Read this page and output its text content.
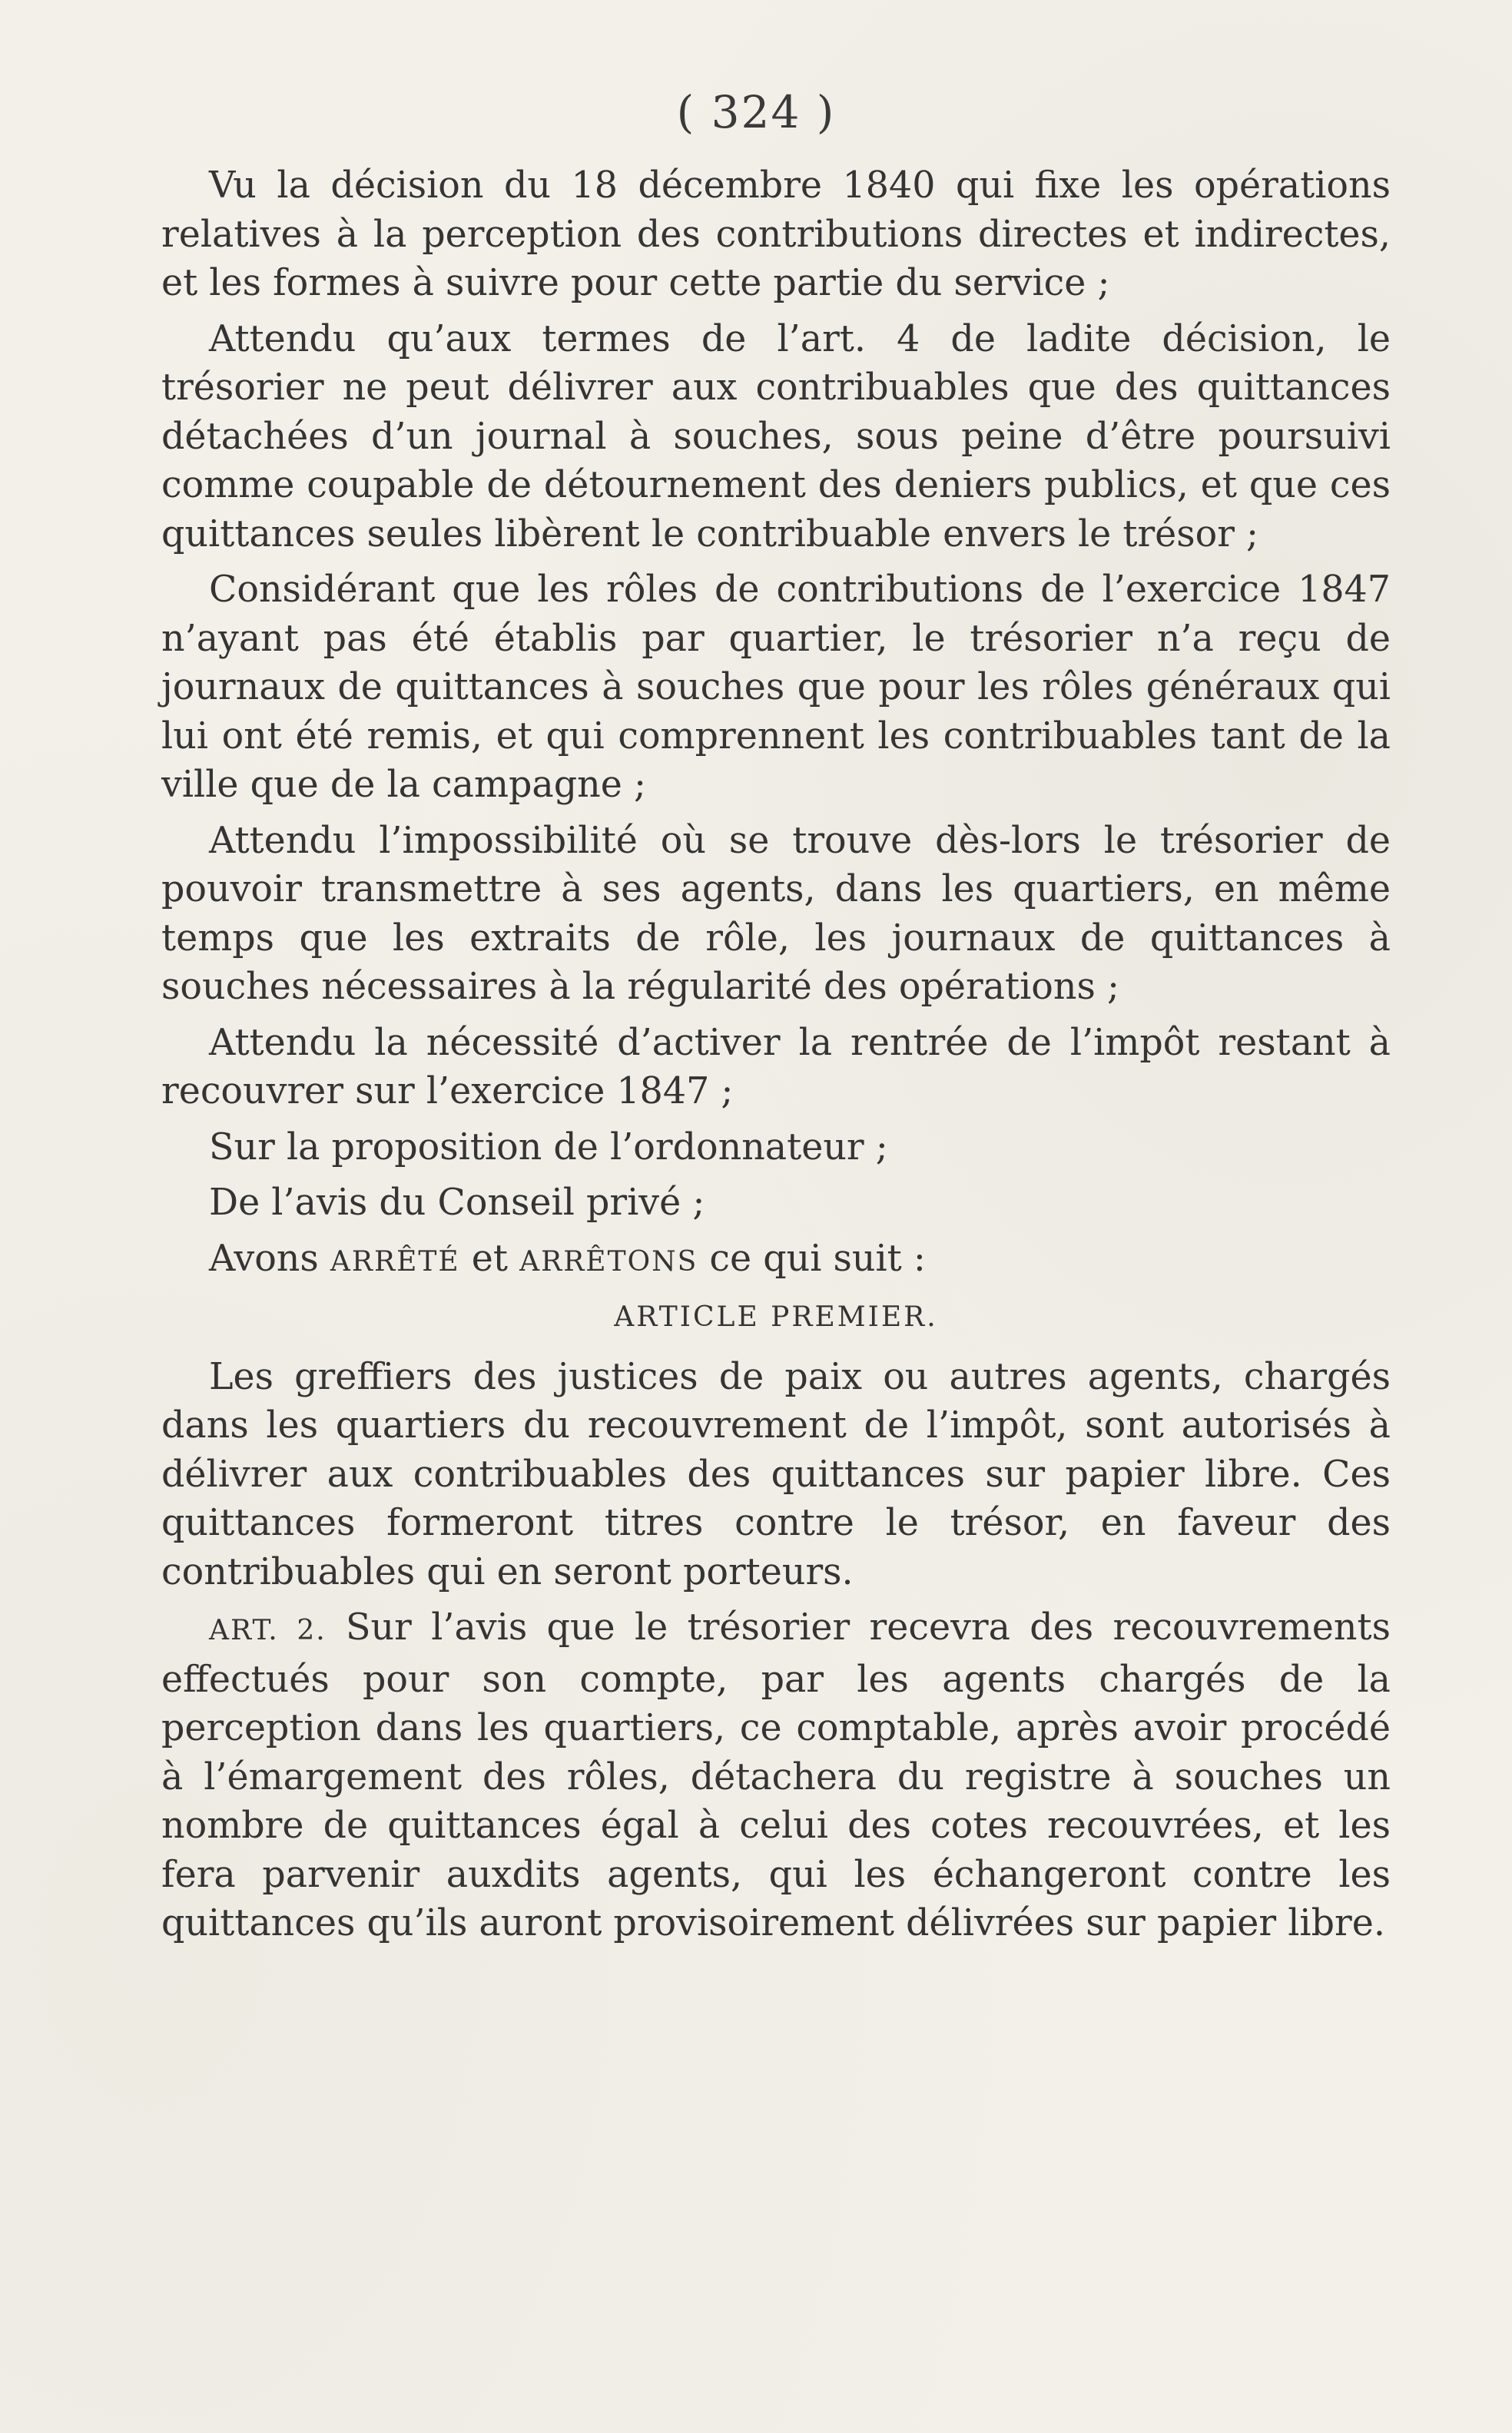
( 324 )

Vu la décision du 18 décembre 1840 qui fixe les opérations relatives à la perception des contributions directes et indirectes, et les formes à suivre pour cette partie du service ;

Attendu qu’aux termes de l’art. 4 de ladite décision, le trésorier ne peut délivrer aux contribuables que des quittances détachées d’un journal à souches, sous peine d’être poursuivi comme coupable de détournement des deniers publics, et que ces quittances seules libèrent le contribuable envers le trésor ;

Considérant que les rôles de contributions de l’exercice 1847 n’ayant pas été établis par quartier, le trésorier n’a reçu de journaux de quittances à souches que pour les rôles généraux qui lui ont été remis, et qui comprennent les contribuables tant de la ville que de la campagne ;

Attendu l’impossibilité où se trouve dès-lors le trésorier de pouvoir transmettre à ses agents, dans les quartiers, en même temps que les extraits de rôle, les journaux de quittances à souches nécessaires à la régularité des opérations ;

Attendu la nécessité d’activer la rentrée de l’impôt restant à recouvrer sur l’exercice 1847 ;

Sur la proposition de l’ordonnateur ;

De l’avis du Conseil privé ;

Avons ARRÊTÉ et ARRÊTONS ce qui suit :

ARTICLE PREMIER.

Les greffiers des justices de paix ou autres agents, chargés dans les quartiers du recouvrement de l’impôt, sont autorisés à délivrer aux contribuables des quittances sur papier libre. Ces quittances formeront titres contre le trésor, en faveur des contribuables qui en seront porteurs.

ART. 2. Sur l’avis que le trésorier recevra des recouvrements effectués pour son compte, par les agents chargés de la perception dans les quartiers, ce comptable, après avoir procédé à l’émargement des rôles, détachera du registre à souches un nombre de quittances égal à celui des cotes recouvrées, et les fera parvenir auxdits agents, qui les échangeront contre les quittances qu’ils auront provisoirement délivrées sur papier libre.
